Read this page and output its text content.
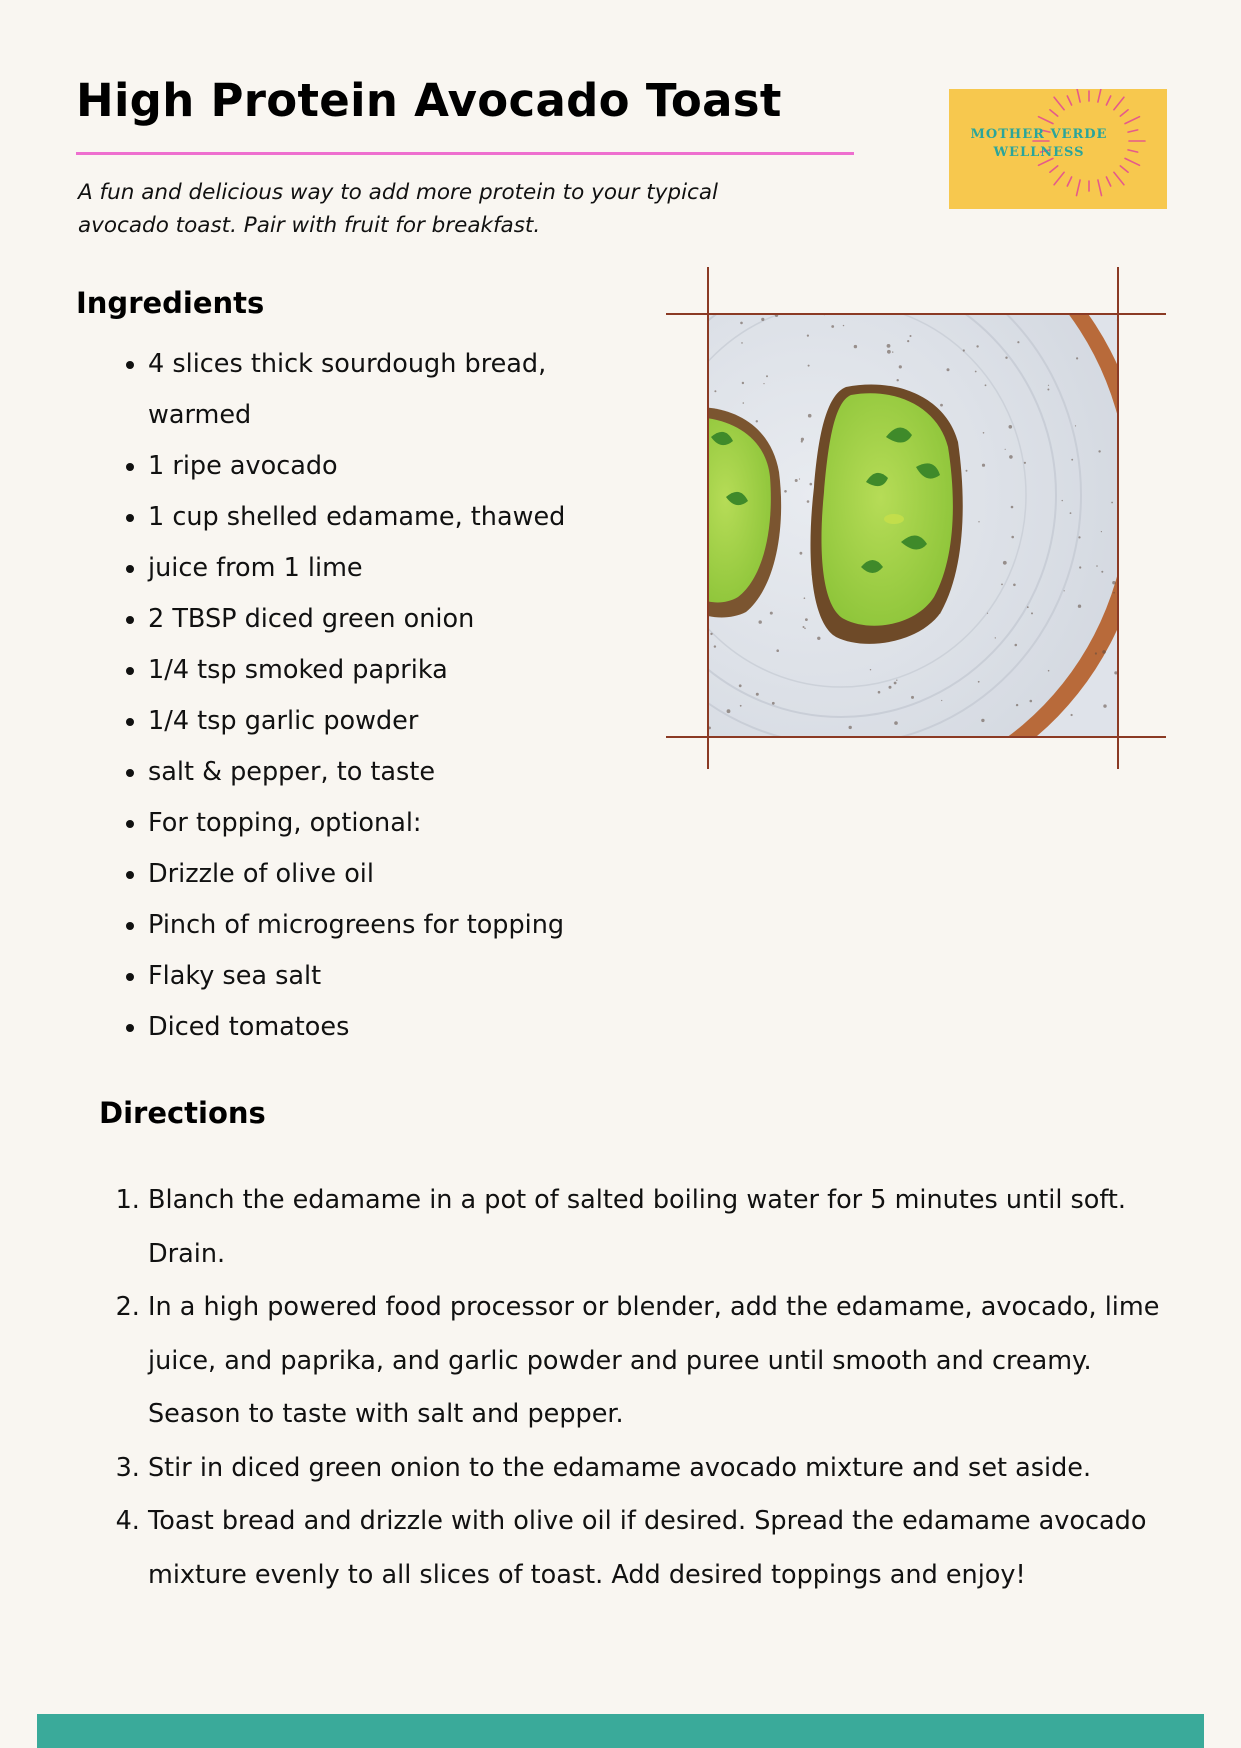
High Protein Avocado Toast
A fun and delicious way to add more protein to your typical avocado toast. Pair with fruit for breakfast.
MOTHER VERDE
WELLNESS
Ingredients
• 4 slices thick sourdough bread, warmed
• 1 ripe avocado
• 1 cup shelled edamame, thawed
• juice from 1 lime
• 2 TBSP diced green onion
• 1/4 tsp smoked paprika
• 1/4 tsp garlic powder
• salt & pepper, to taste
• For topping, optional:
• Drizzle of olive oil
• Pinch of microgreens for topping
• Flaky sea salt
• Diced tomatoes
Directions
1. Blanch the edamame in a pot of salted boiling water for 5 minutes until soft. Drain.
2. In a high powered food processor or blender, add the edamame, avocado, lime juice, and paprika, and garlic powder and puree until smooth and creamy. Season to taste with salt and pepper.
3. Stir in diced green onion to the edamame avocado mixture and set aside.
4. Toast bread and drizzle with olive oil if desired. Spread the edamame avocado mixture evenly to all slices of toast. Add desired toppings and enjoy!
